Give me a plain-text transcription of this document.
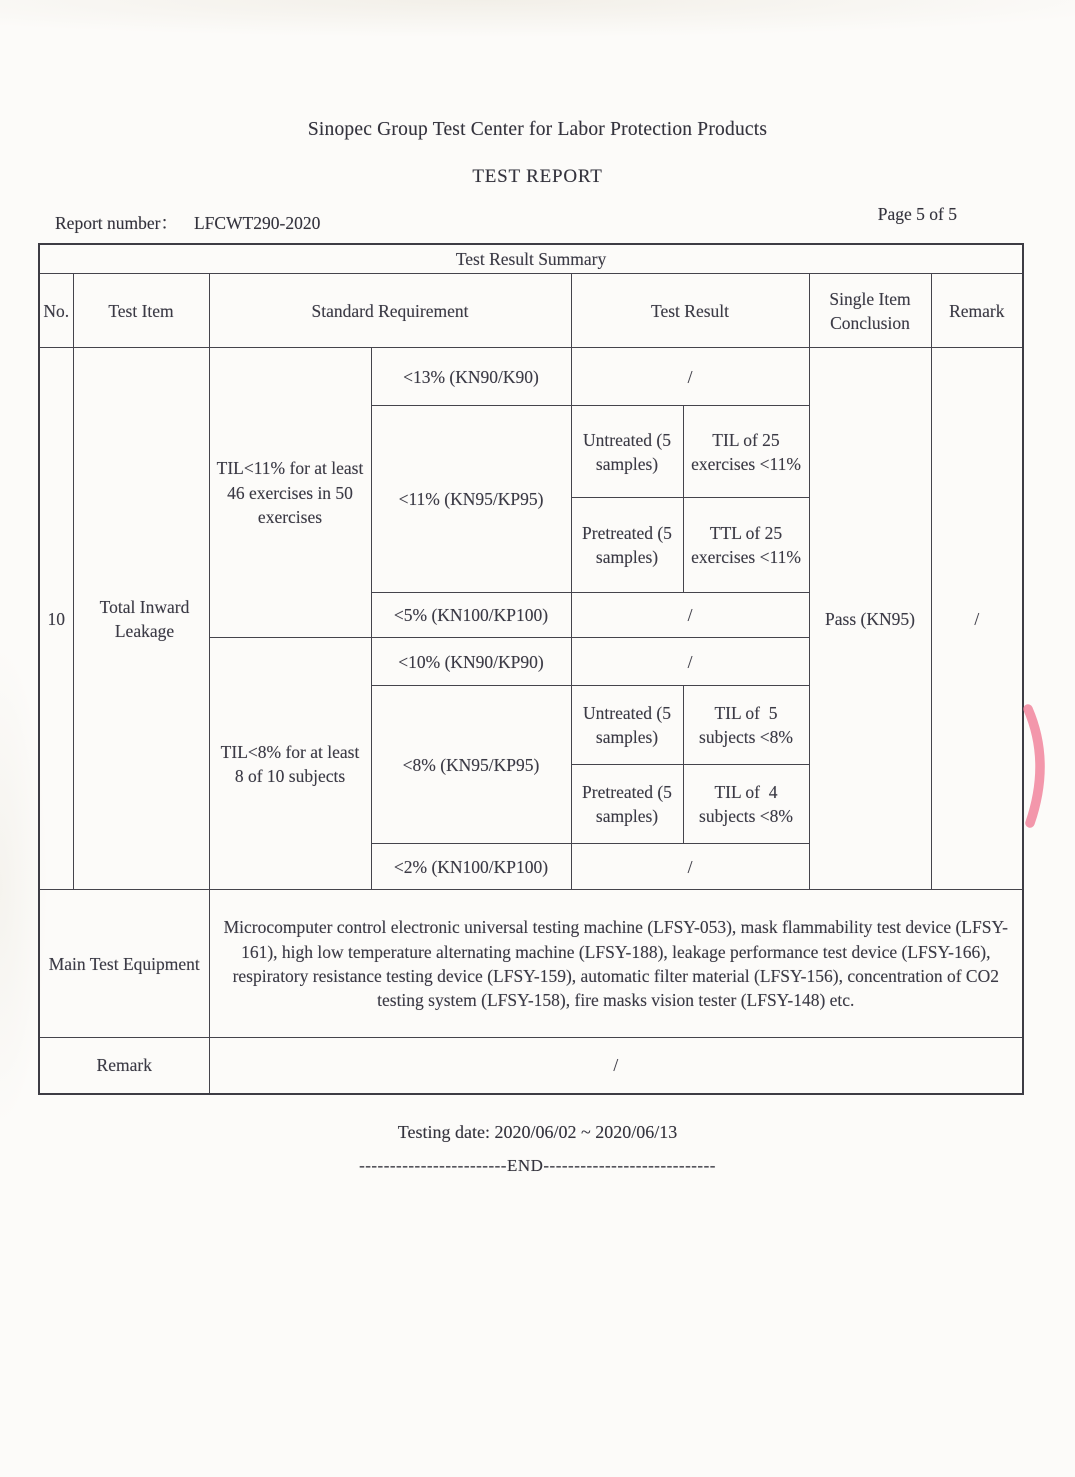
Sinopec Group Test Center for Labor Protection Products
TEST REPORT
Report number： LFCWT290-2020	Page 5 of 5
Test Result Summary							
No.	Test Item	Standard Requirement		Test Result		Single Item Conclusion	Remark
10	Total Inward Leakage	TIL<11% for at least 46 exercises in 50 exercises	<13% (KN90/K90)	/		Pass (KN95)	/
			<11% (KN95/KP95)	Untreated (5 samples)	TIL of 25 exercises <11%		
				Pretreated (5 samples)	TTL of 25 exercises <11%		
			<5% (KN100/KP100)	/			
		TIL<8% for at least 8 of 10 subjects	<10% (KN90/KP90)	/			
			<8% (KN95/KP95)	Untreated (5 samples)	TIL of  5 subjects <8%		
				Pretreated (5 samples)	TIL of  4 subjects <8%		
			<2% (KN100/KP100)	/			
Main Test Equipment		Microcomputer control electronic universal testing machine (LFSY-053), mask flammability test device (LFSY-161), high low temperature alternating machine (LFSY-188), leakage performance test device (LFSY-166), respiratory resistance testing device (LFSY-159), automatic filter material (LFSY-156), concentration of CO2 testing system (LFSY-158), fire masks vision tester (LFSY-148) etc.					
Remark		/					
Testing date: 2020/06/02 ~ 2020/06/13
------------------------END----------------------------
